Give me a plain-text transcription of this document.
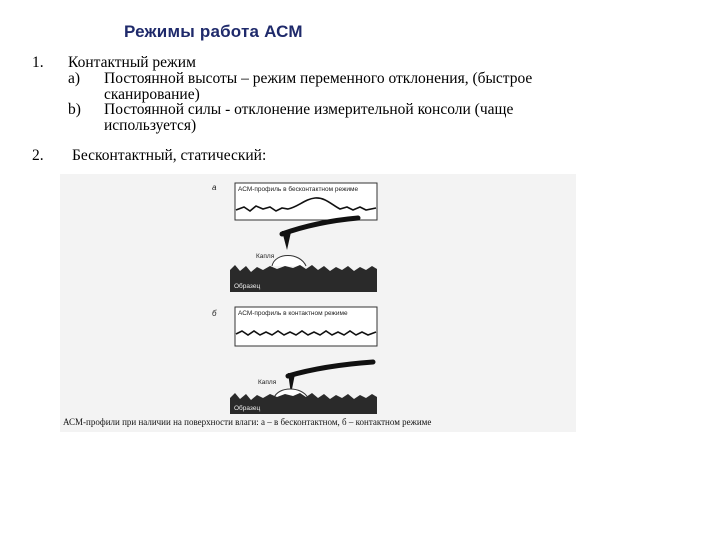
Режимы работа АСМ
1. Контактный режим
a) Постоянной высоты – режим переменного отклонения, (быстрое
сканирование)
b) Постоянной силы - отклонение измерительной консоли (чаще
используется)
2. Бесконтактный, статический:
а	АСМ-профиль в бесконтактном режиме
Капля
Образец
б	АСМ-профиль в контактном режиме
Капля
Образец
АСМ-профили при наличии на поверхности влаги: а – в бесконтактном, б – контактном режиме
